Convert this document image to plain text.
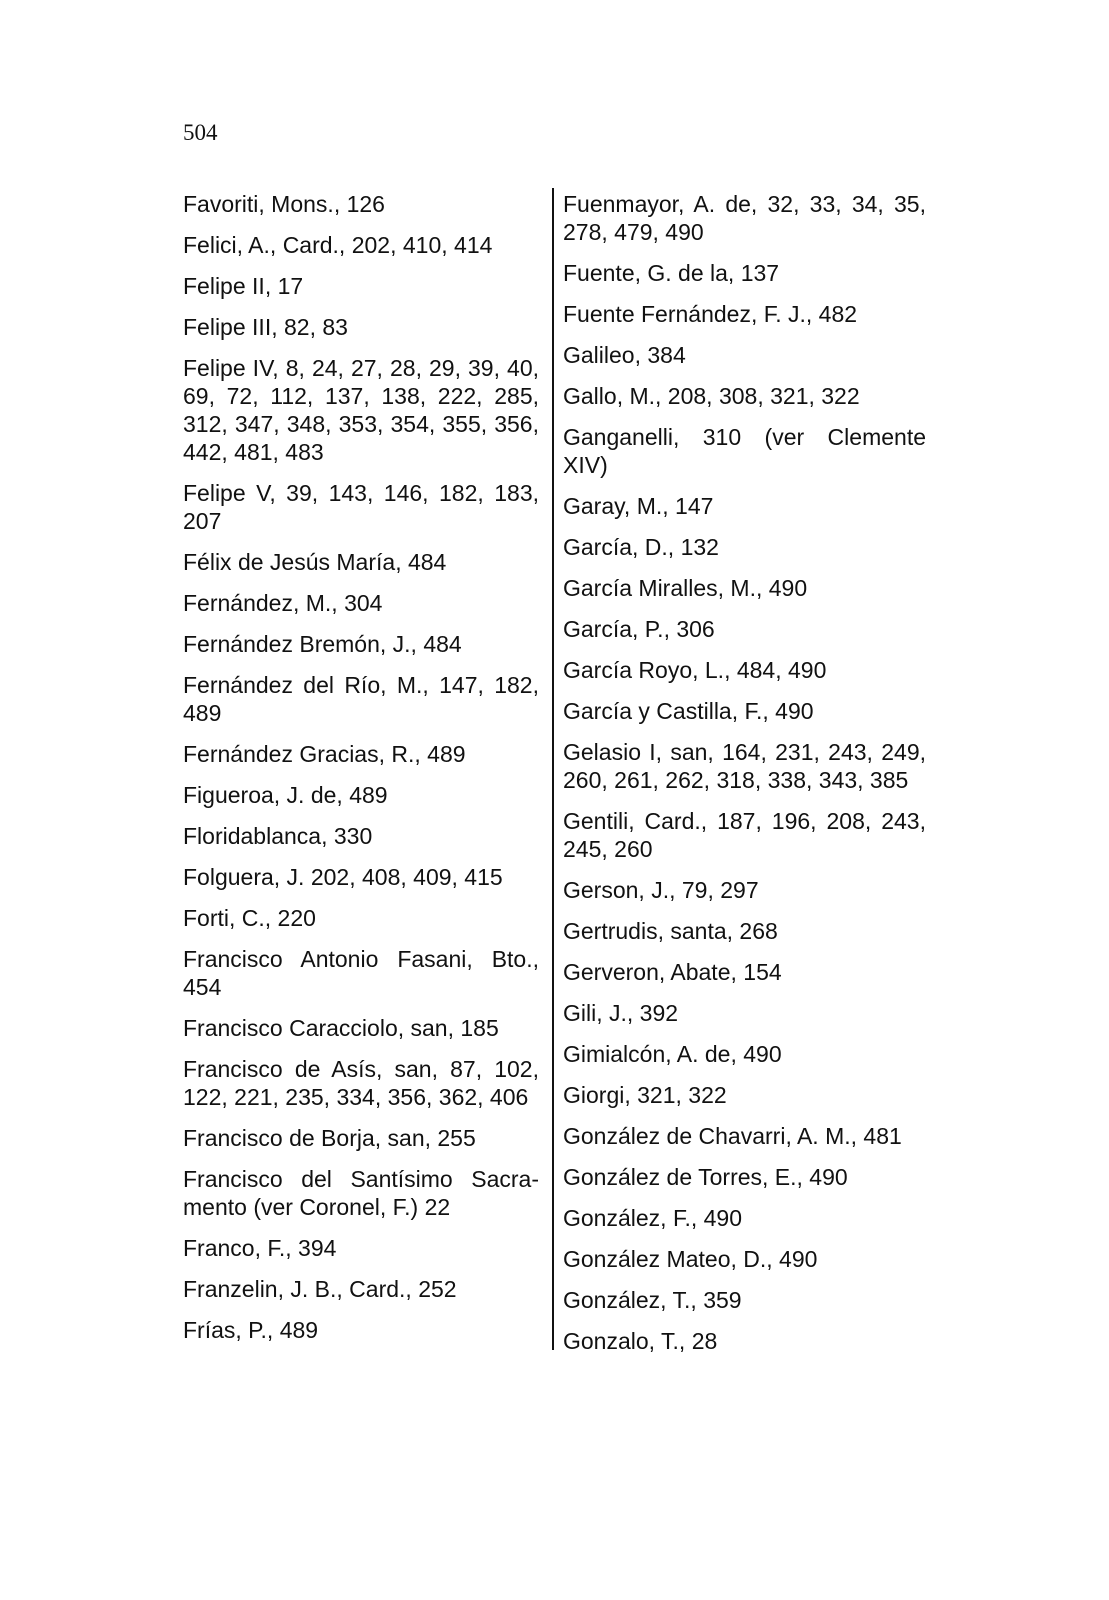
504

Favoriti, Mons., 126

Felici, A., Card., 202, 410, 414

Felipe II, 17

Felipe III, 82, 83

Felipe IV, 8, 24, 27, 28, 29, 39, 40, 69, 72, 112, 137, 138, 222, 285, 312, 347, 348, 353, 354, 355, 356, 442, 481, 483

Felipe V, 39, 143, 146, 182, 183, 207

Félix de Jesús María, 484

Fernández, M., 304

Fernández Bremón, J., 484

Fernández del Río, M., 147, 182, 489

Fernández Gracias, R., 489

Figueroa, J. de, 489

Floridablanca, 330

Folguera, J. 202, 408, 409, 415

Forti, C., 220

Francisco Antonio Fasani, Bto., 454

Francisco Caracciolo, san, 185

Francisco de Asís, san, 87, 102, 122, 221, 235, 334, 356, 362, 406

Francisco de Borja, san, 255

Francisco del Santísimo Sacramento (ver Coronel, F.) 22

Franco, F., 394

Franzelin, J. B., Card., 252

Frías, P., 489

Fuenmayor, A. de, 32, 33, 34, 35, 278, 479, 490

Fuente, G. de la, 137

Fuente Fernández, F. J., 482

Galileo, 384

Gallo, M., 208, 308, 321, 322

Ganganelli, 310 (ver Clemente XIV)

Garay, M., 147

García, D., 132

García Miralles, M., 490

García, P., 306

García Royo, L., 484, 490

García y Castilla, F., 490

Gelasio I, san, 164, 231, 243, 249, 260, 261, 262, 318, 338, 343, 385

Gentili, Card., 187, 196, 208, 243, 245, 260

Gerson, J., 79, 297

Gertrudis, santa, 268

Gerveron, Abate, 154

Gili, J., 392

Gimialcón, A. de, 490

Giorgi, 321, 322

González de Chavarri, A. M., 481

González de Torres, E., 490

González, F., 490

González Mateo, D., 490

González, T., 359

Gonzalo, T., 28
